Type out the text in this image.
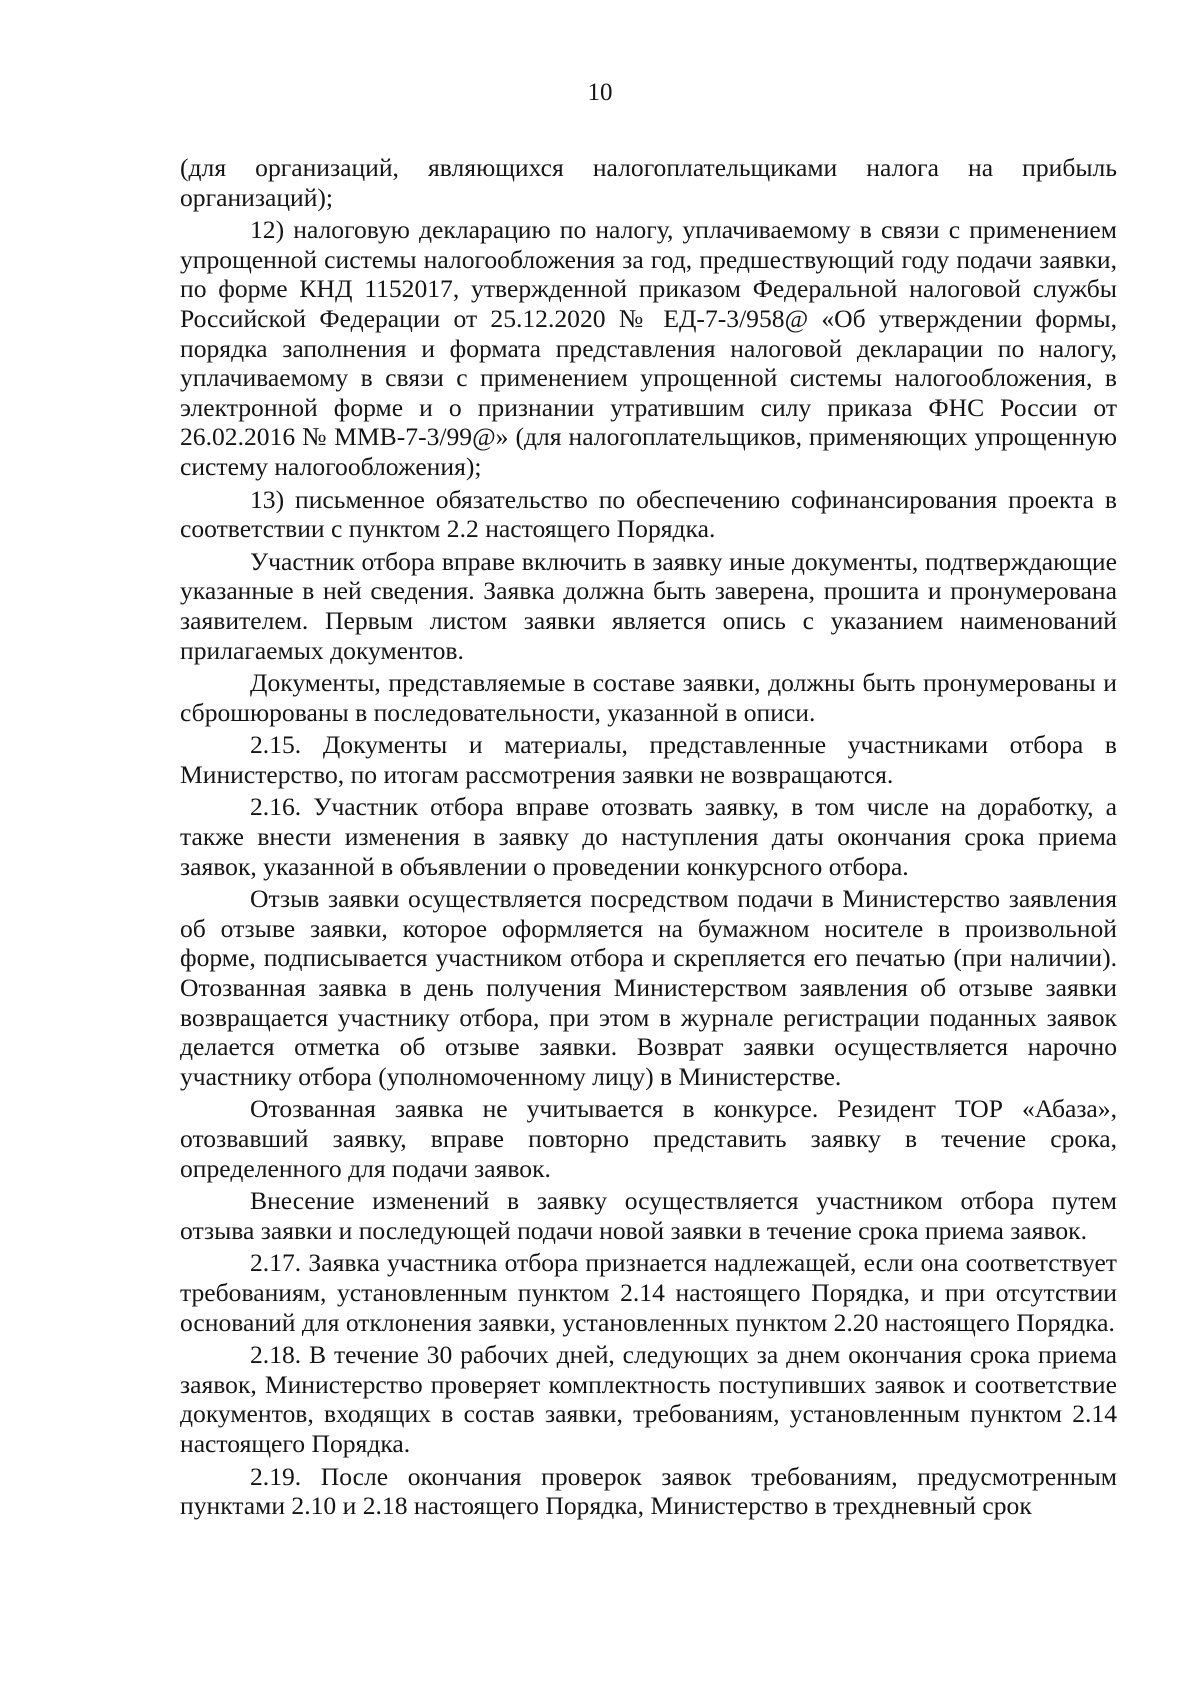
10

(для организаций, являющихся налогоплательщиками налога на прибыль организаций);

12) налоговую декларацию по налогу, уплачиваемому в связи с применением упрощенной системы налогообложения за год, предшествующий году подачи заявки, по форме КНД 1152017, утвержденной приказом Федеральной налоговой службы Российской Федерации от 25.12.2020 № ЕД-7-3/958@ «Об утверждении формы, порядка заполнения и формата представления налоговой декларации по налогу, уплачиваемому в связи с применением упрощенной системы налогообложения, в электронной форме и о признании утратившим силу приказа ФНС России от 26.02.2016 № ММВ-7-3/99@» (для налогоплательщиков, применяющих упрощенную систему налогообложения);

13) письменное обязательство по обеспечению софинансирования проекта в соответствии с пунктом 2.2 настоящего Порядка.

Участник отбора вправе включить в заявку иные документы, подтверждающие указанные в ней сведения. Заявка должна быть заверена, прошита и пронумерована заявителем. Первым листом заявки является опись с указанием наименований прилагаемых документов.

Документы, представляемые в составе заявки, должны быть пронумерованы и сброшюрованы в последовательности, указанной в описи.

2.15. Документы и материалы, представленные участниками отбора в Министерство, по итогам рассмотрения заявки не возвращаются.

2.16. Участник отбора вправе отозвать заявку, в том числе на доработку, а также внести изменения в заявку до наступления даты окончания срока приема заявок, указанной в объявлении о проведении конкурсного отбора.

Отзыв заявки осуществляется посредством подачи в Министерство заявления об отзыве заявки, которое оформляется на бумажном носителе в произвольной форме, подписывается участником отбора и скрепляется его печатью (при наличии). Отозванная заявка в день получения Министерством заявления об отзыве заявки возвращается участнику отбора, при этом в журнале регистрации поданных заявок делается отметка об отзыве заявки. Возврат заявки осуществляется нарочно участнику отбора (уполномоченному лицу) в Министерстве.

Отозванная заявка не учитывается в конкурсе. Резидент ТОР «Абаза», отозвавший заявку, вправе повторно представить заявку в течение срока, определенного для подачи заявок.

Внесение изменений в заявку осуществляется участником отбора путем отзыва заявки и последующей подачи новой заявки в течение срока приема заявок.

2.17. Заявка участника отбора признается надлежащей, если она соответствует требованиям, установленным пунктом 2.14 настоящего Порядка, и при отсутствии оснований для отклонения заявки, установленных пунктом 2.20 настоящего Порядка.

2.18. В течение 30 рабочих дней, следующих за днем окончания срока приема заявок, Министерство проверяет комплектность поступивших заявок и соответствие документов, входящих в состав заявки, требованиям, установленным пунктом 2.14 настоящего Порядка.

2.19. После окончания проверок заявок требованиям, предусмотренным пунктами 2.10 и 2.18 настоящего Порядка, Министерство в трехдневный срок
